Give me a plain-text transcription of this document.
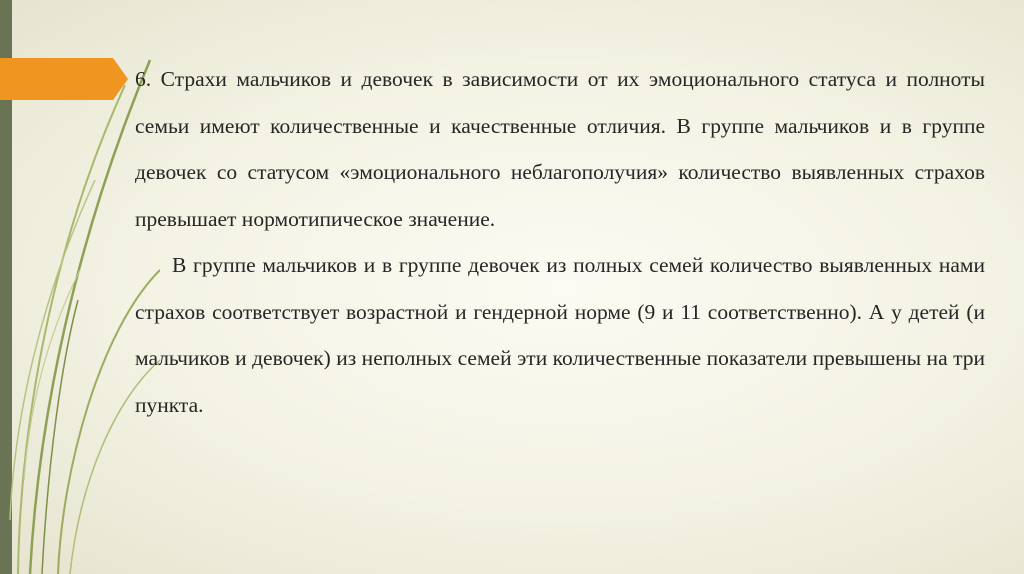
6. Страхи мальчиков и девочек в зависимости от их эмоционального статуса и полноты семьи имеют количественные и качественные отличия. В группе мальчиков и в группе девочек со статусом «эмоционального неблагополучия» количество выявленных страхов превышает нормотипическое значение.

В группе мальчиков и в группе девочек из полных семей количество выявленных нами страхов соответствует возрастной и гендерной норме (9 и 11 соответственно). А у детей (и мальчиков и девочек) из неполных семей эти количественные показатели превышены на три пункта.
